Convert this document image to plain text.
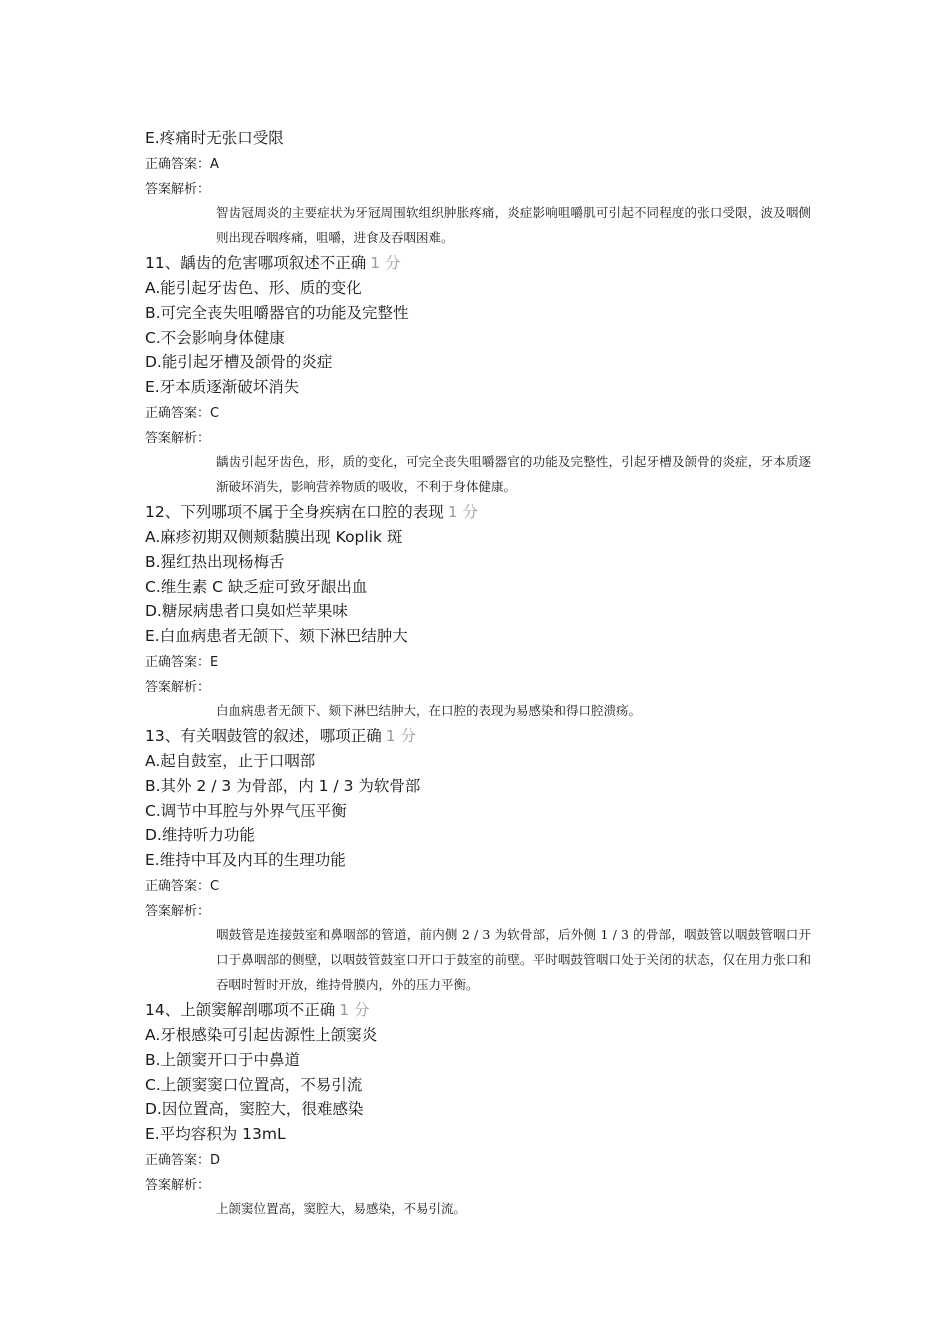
E.疼痛时无张口受限
正确答案：A
答案解析：
智齿冠周炎的主要症状为牙冠周围软组织肿胀疼痛，炎症影响咀嚼肌可引起不同程度的张口受限，波及咽侧则出现吞咽疼痛，咀嚼，进食及吞咽困难。
11、龋齿的危害哪项叙述不正确 1 分
A.能引起牙齿色、形、质的变化
B.可完全丧失咀嚼器官的功能及完整性
C.不会影响身体健康
D.能引起牙槽及颌骨的炎症
E.牙本质逐渐破坏消失
正确答案：C
答案解析：
龋齿引起牙齿色，形，质的变化，可完全丧失咀嚼器官的功能及完整性，引起牙槽及颌骨的炎症，牙本质逐渐破坏消失，影响营养物质的吸收，不利于身体健康。
12、下列哪项不属于全身疾病在口腔的表现 1 分
A.麻疹初期双侧颊黏膜出现 Koplik 斑
B.猩红热出现杨梅舌
C.维生素 C 缺乏症可致牙龈出血
D.糖尿病患者口臭如烂苹果味
E.白血病患者无颌下、颏下淋巴结肿大
正确答案：E
答案解析：
白血病患者无颌下、颏下淋巴结肿大，在口腔的表现为易感染和得口腔溃疡。
13、有关咽鼓管的叙述，哪项正确 1 分
A.起自鼓室，止于口咽部
B.其外 2 / 3 为骨部，内 1 / 3 为软骨部
C.调节中耳腔与外界气压平衡
D.维持听力功能
E.维持中耳及内耳的生理功能
正确答案：C
答案解析：
咽鼓管是连接鼓室和鼻咽部的管道，前内侧 2 / 3 为软骨部，后外侧 1 / 3 的骨部，咽鼓管以咽鼓管咽口开口于鼻咽部的侧壁，以咽鼓管鼓室口开口于鼓室的前壁。平时咽鼓管咽口处于关闭的状态，仅在用力张口和吞咽时暂时开放，维持骨膜内，外的压力平衡。
14、上颌窦解剖哪项不正确 1 分
A.牙根感染可引起齿源性上颌窦炎
B.上颌窦开口于中鼻道
C.上颌窦窦口位置高，不易引流
D.因位置高，窦腔大，很难感染
E.平均容积为 13mL
正确答案：D
答案解析：
上颌窦位置高，窦腔大，易感染，不易引流。
